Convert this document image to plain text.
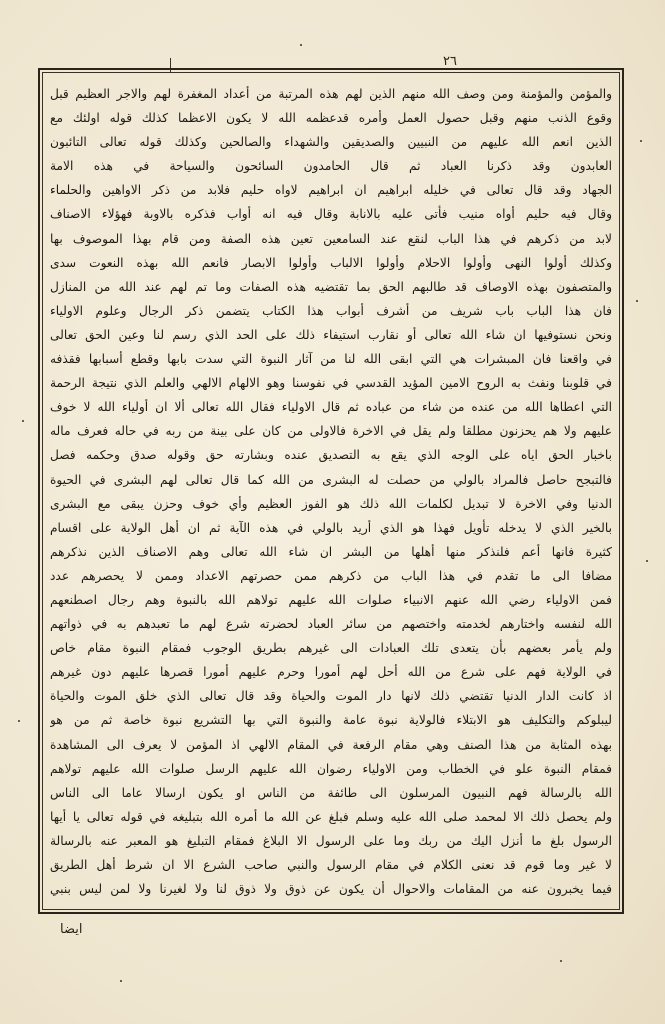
٢٦
والمؤمن والمؤمنة ومن وصف الله منهم الذين لهم هذه المرتبة من أعداد المغفرة لهم والاجر العظيم قبل
وقوع الذنب منهم وقبل حصول العمل وأمره قدعظمه الله لا يكون الاعظما كذلك قوله اولئك مع
الذين انعم الله عليهم من النبيين والصديقين والشهداء والصالحين وكذلك قوله تعالى التائبون
العابدون وقد ذكرنا العباد ثم قال الحامدون السائحون والسياحة في هذه الامة
الجهاد وقد قال تعالى في خليله ابراهيم ان ابراهيم لاواه حليم فلابد من ذكر الاواهين والحلماء
وقال فيه حليم أواه منيب فأتى عليه بالانابة وقال فيه انه أواب فذكره بالاوبة فهؤلاء الاصناف
لابد من ذكرهم في هذا الباب لنقع عند السامعين تعين هذه الصفة ومن قام بهذا الموصوف بها
وكذلك أولوا النهى وأولوا الاحلام وأولوا الالباب وأولوا الابصار فانعم الله بهذه النعوت سدى
والمتصفون بهذه الاوصاف قد طالبهم الحق بما تقتضيه هذه الصفات وما تم لهم عند الله من المنازل
فان هذا الباب باب شريف من أشرف أبواب هذا الكتاب يتضمن ذكر الرجال وعلوم الاولياء
ونحن نستوفيها ان شاء الله تعالى أو نقارب استيفاء ذلك على الحد الذي رسم لنا وعين الحق تعالى
في واقعنا فان المبشرات هي التي ابقى الله لنا من آثار النبوة التي سدت بابها وقطع أسبابها فقذفه
في قلوبنا ونفث به الروح الامين المؤيد القدسي في نفوسنا وهو الالهام الالهي والعلم الذي نتيجة الرحمة
التي اعطاها الله من عنده من شاء من عباده ثم قال الاولياء فقال الله تعالى ألا ان أولياء الله لا خوف
عليهم ولا هم يحزنون مطلقا ولم يقل في الاخرة فالاولى من كان على بينة من ربه في حاله فعرف ماله
باخبار الحق اياه على الوجه الذي يقع به التصديق عنده وبشارته حق وقوله صدق وحكمه فصل
فالتبجح حاصل فالمراد بالولي من حصلت له البشرى من الله كما قال تعالى لهم البشرى في الحيوة
الدنيا وفي الاخرة لا تبديل لكلمات الله ذلك هو الفوز العظيم وأي خوف وحزن يبقى مع البشرى
بالخير الذي لا يدخله تأويل فهذا هو الذي أريد بالولي في هذه الآية ثم ان أهل الولاية على اقسام
كثيرة فانها أعم فلنذكر منها أهلها من البشر ان شاء الله تعالى وهم الاصناف الذين نذكرهم
مضافا الى ما تقدم في هذا الباب من ذكرهم ممن حصرتهم الاعداد وممن لا يحصرهم عدد
فمن الاولياء رضي الله عنهم الانبياء صلوات الله عليهم تولاهم الله بالنبوة وهم رجال اصطنعهم
الله لنفسه واختارهم لخدمته واختصهم من سائر العباد لحضرته شرع لهم ما تعبدهم به في ذواتهم
ولم يأمر بعضهم بأن يتعدى تلك العبادات الى غيرهم بطريق الوجوب فمقام النبوة مقام خاص
في الولاية فهم على شرع من الله أحل لهم أمورا وحرم عليهم أمورا قصرها عليهم دون غيرهم
اذ كانت الدار الدنيا تقتضي ذلك لانها دار الموت والحياة وقد قال تعالى الذي خلق الموت والحياة
ليبلوكم والتكليف هو الابتلاء فالولاية نبوة عامة والنبوة التي بها التشريع نبوة خاصة ثم من هو
بهذه المثابة من هذا الصنف وهي مقام الرفعة في المقام الالهي اذ المؤمن لا يعرف الى المشاهدة
فمقام النبوة علو في الخطاب ومن الاولياء رضوان الله عليهم الرسل صلوات الله عليهم تولاهم
الله بالرسالة فهم النبيون المرسلون الى طائفة من الناس او يكون ارسالا عاما الى الناس
ولم يحصل ذلك الا لمحمد صلى الله عليه وسلم فبلغ عن الله ما أمره الله بتبليغه في قوله تعالى يا أيها
الرسول بلغ ما أنزل اليك من ربك وما على الرسول الا البلاغ فمقام التبليغ هو المعبر عنه بالرسالة
لا غير وما قوم قد نعنى الكلام في مقام الرسول والنبي صاحب الشرع الا ان شرط أهل الطريق
فيما يخبرون عنه من المقامات والاحوال أن يكون عن ذوق ولا ذوق لنا ولا لغيرنا ولا لمن ليس بنبي
ايضا
